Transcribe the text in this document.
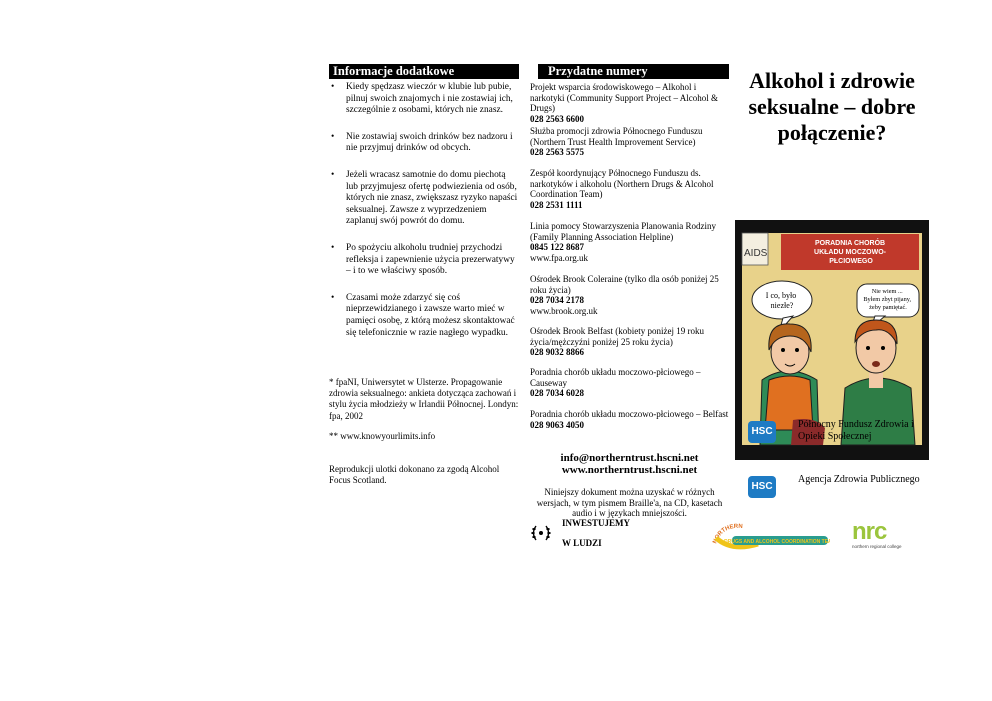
Informacje dodatkowe
• Kiedy spędzasz wieczór w klubie lub pubie, pilnuj swoich znajomych i nie zostawiaj ich, szczególnie z osobami, których nie znasz.
• Nie zostawiaj swoich drinków bez nadzoru i nie przyjmuj drinków od obcych.
• Jeżeli wracasz samotnie do domu piechotą lub przyjmujesz ofertę podwiezienia od osób, których nie znasz, zwiększasz ryzyko napaści seksualnej. Zawsze z wyprzedzeniem zaplanuj swój powrót do domu.
• Po spożyciu alkoholu trudniej przychodzi refleksja i zapewnienie użycia prezerwatywy – i to we właściwy sposób.
• Czasami może zdarzyć się coś nieprzewidzianego i zawsze warto mieć w pamięci osobę, z którą możesz skontaktować się telefonicznie w razie nagłego wypadku.
* fpaNI, Uniwersytet w Ulsterze. Propagowanie zdrowia seksualnego: ankieta dotycząca zachowań i stylu życia młodzieży w Irlandii Północnej. Londyn: fpa, 2002
** www.knowyourlimits.info
Reprodukcji ulotki dokonano za zgodą Alcohol Focus Scotland.
Przydatne numery
Projekt wsparcia środowiskowego – Alkohol i narkotyki (Community Support Project – Alcohol & Drugs)
028 2563 6600
Służba promocji zdrowia Północnego Funduszu (Northern Trust Health Improvement Service)
028 2563 5575
Zespół koordynujący Północnego Funduszu ds. narkotyków i alkoholu (Northern Drugs & Alcohol Coordination Team)
028 2531 1111
Linia pomocy Stowarzyszenia Planowania Rodziny (Family Planning Association Helpline)
0845 122 8687
www.fpa.org.uk
Ośrodek Brook Coleraine (tylko dla osób poniżej 25 roku życia)
028 7034 2178
www.brook.org.uk
Ośrodek Brook Belfast (kobiety poniżej 19 roku życia/mężczyźni poniżej 25 roku życia)
028 9032 8866
Poradnia chorób układu moczowo-płciowego – Causeway
028 7034 6028
Poradnia chorób układu moczowo-płciowego – Belfast
028 9063 4050
info@northerntrust.hscni.net
www.northerntrust.hscni.net
Niniejszy dokument można uzyskać w różnych wersjach, w tym pismem Braille'a, na CD, kasetach audio i w językach mniejszości.
INWESTUJEMY
W LUDZI
Alkohol i zdrowie seksualne – dobre połączenie?
AIDS
PORADNIA CHORÓB UKŁADU MOCZOWO- PŁCIOWEGO
I co, było niezłe?
Nie wiem ... Byłem zbyt pijany, żeby pamiętać.
HSC
Północny Fundusz Zdrowia i Opieki Społecznej
HSC
Agencja Zdrowia Publicznego
NORTHERN
DRUGS AND ALCOHOL COORDINATION TEAM nrc
northern regional college
